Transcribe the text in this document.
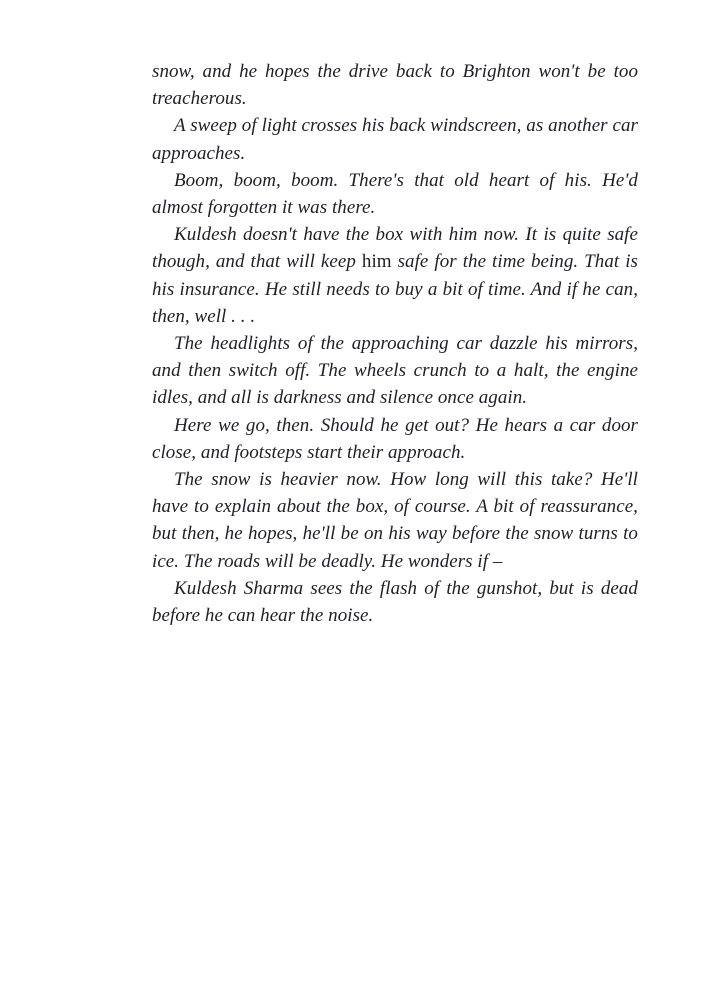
snow, and he hopes the drive back to Brighton won't be too treacherous.

A sweep of light crosses his back windscreen, as another car approaches.

Boom, boom, boom. There's that old heart of his. He'd almost forgotten it was there.

Kuldesh doesn't have the box with him now. It is quite safe though, and that will keep him safe for the time being. That is his insurance. He still needs to buy a bit of time. And if he can, then, well . . .

The headlights of the approaching car dazzle his mirrors, and then switch off. The wheels crunch to a halt, the engine idles, and all is darkness and silence once again.

Here we go, then. Should he get out? He hears a car door close, and footsteps start their approach.

The snow is heavier now. How long will this take? He'll have to explain about the box, of course. A bit of reassurance, but then, he hopes, he'll be on his way before the snow turns to ice. The roads will be deadly. He wonders if –

Kuldesh Sharma sees the flash of the gunshot, but is dead before he can hear the noise.
